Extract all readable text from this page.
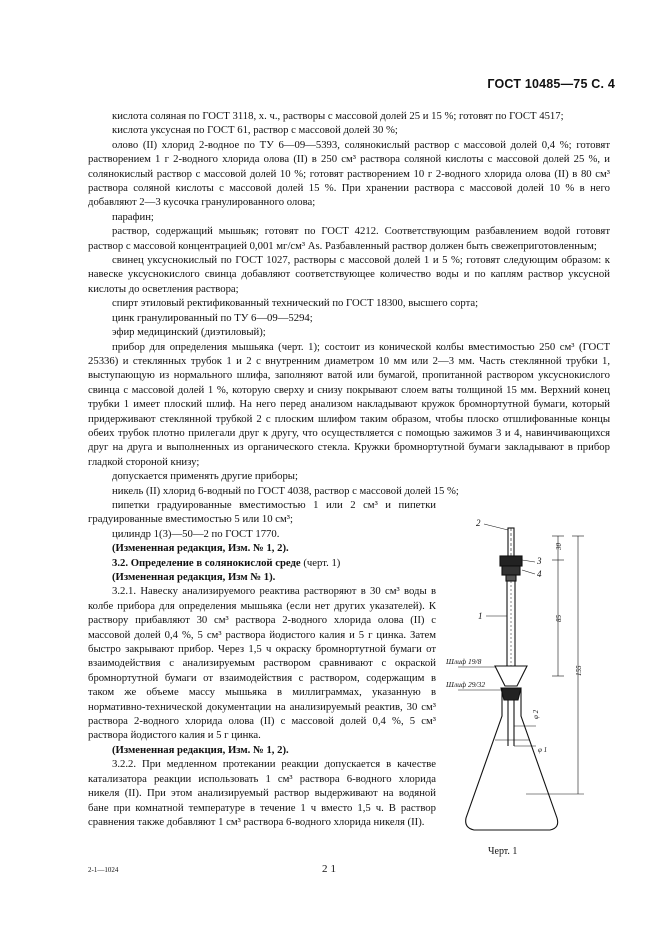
ГОСТ 10485—75 С. 4

кислота соляная по ГОСТ 3118, х. ч., растворы с массовой долей 25 и 15 %; готовят по ГОСТ 4517;

кислота уксусная по ГОСТ 61, раствор с массовой долей 30 %;

олово (II) хлорид 2-водное по ТУ 6—09—5393, солянокислый раствор с массовой долей 0,4 %; готовят растворением 1 г 2-водного хлорида олова (II) в 250 см³ раствора соляной кислоты с массовой долей 25 %, и солянокислый раствор с массовой долей 10 %; готовят растворением 10 г 2-водного хлорида олова (II) в 80 см³ раствора соляной кислоты с массовой долей 15 %. При хранении раствора с массовой долей 10 % в него добавляют 2—3 кусочка гранулированного олова;

парафин;

раствор, содержащий мышьяк; готовят по ГОСТ 4212. Соответствующим разбавлением водой готовят раствор с массовой концентрацией 0,001 мг/см³ As. Разбавленный раствор должен быть свежеприготовленным;

свинец уксуснокислый по ГОСТ 1027, растворы с массовой долей 1 и 5 %; готовят следующим образом: к навеске уксуснокислого свинца добавляют соответствующее количество воды и по каплям раствор уксусной кислоты до осветления раствора;

спирт этиловый ректификованный технический по ГОСТ 18300, высшего сорта;

цинк гранулированный по ТУ 6—09—5294;

эфир медицинский (диэтиловый);

прибор для определения мышьяка (черт. 1); состоит из конической колбы вместимостью 250 см³ (ГОСТ 25336) и стеклянных трубок 1 и 2 с внутренним диаметром 10 мм или 2—3 мм. Часть стеклянной трубки 1, выступающую из нормального шлифа, заполняют ватой или бумагой, пропитанной раствором уксуснокислого свинца с массовой долей 1 %, которую сверху и снизу покрывают слоем ваты толщиной 15 мм. Верхний конец трубки 1 имеет плоский шлиф. На него перед анализом накладывают кружок бромнортутной бумаги, который придерживают стеклянной трубкой 2 с плоским шлифом таким образом, чтобы плоско отшлифованные концы обеих трубок плотно прилегали друг к другу, что осуществляется с помощью зажимов 3 и 4, навинчивающихся друг на друга и выполненных из органического стекла. Кружки бромнортутной бумаги закладывают в прибор гладкой стороной книзу;

допускается применять другие приборы;

никель (II) хлорид 6-водный по ГОСТ 4038, раствор с массовой долей 15 %;

пипетки градуированные вместимостью 1 или 2 см³ и пипетки градуированные вместимостью 5 или 10 см³;

цилиндр 1(3)—50—2 по ГОСТ 1770.

(Измененная редакция, Изм. № 1, 2).

3.2. Определение в солянокислой среде (черт. 1)

(Измененная редакция, Изм № 1).

3.2.1. Навеску анализируемого реактива растворяют в 30 см³ воды в колбе прибора для определения мышьяка (если нет других указателей). К раствору прибавляют 30 см³ раствора 2-водного хлорида олова (II) с массовой долей 0,4 %, 5 см³ раствора йодистого калия и 5 г цинка. Затем быстро закрывают прибор. Через 1,5 ч окраску бромнортутной бумаги от взаимодействия с анализируемым раствором сравнивают с окраской бромнортутной бумаги от взаимодействия с раствором, содержащим в таком же объеме массу мышьяка в миллиграммах, указанную в нормативно-технической документации на анализируемый реактив, 30 см³ раствора 2-водного хлорида олова (II) с массовой долей 0,4 %, 5 см³ раствора йодистого калия и 5 г цинка.

(Измененная редакция, Изм. № 1, 2).

3.2.2. При медленном протекании реакции допускается в качестве катализатора реакции использовать 1 см³ раствора 6-водного хлорида никеля (II). При этом анализируемый раствор выдерживают на водяной бане при комнатной температуре в течение 1 ч вместо 1,5 ч. В раствор сравнения также добавляют 1 см³ раствора 6-водного хлорида никеля (II).

2
3
4
1
Шлиф 19/8
Шлиф 29/32
30
85
155
φ 2
φ 1
Черт. 1
2-1—1024	21
